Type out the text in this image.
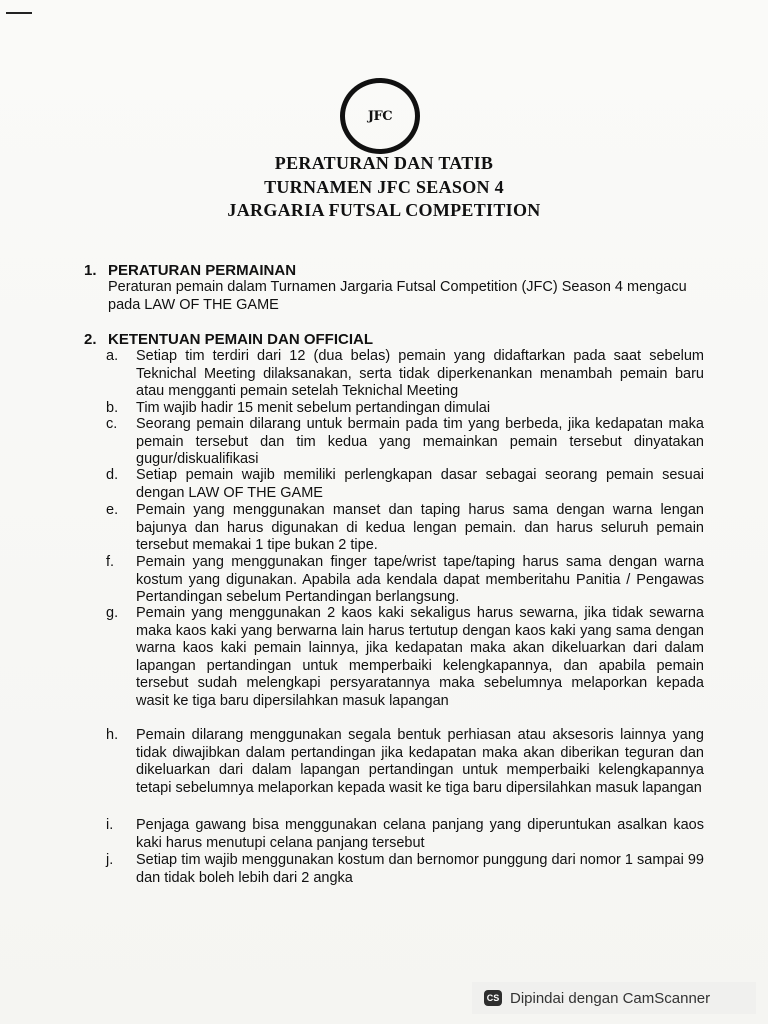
JFC
PERATURAN DAN TATIB
TURNAMEN JFC SEASON 4
JARGARIA FUTSAL COMPETITION
1. PERATURAN PERMAINAN
Peraturan pemain dalam Turnamen Jargaria Futsal Competition (JFC) Season 4 mengacu pada LAW OF THE GAME
2. KETENTUAN PEMAIN DAN OFFICIAL
a. Setiap tim terdiri dari 12 (dua belas) pemain yang didaftarkan pada saat sebelum Teknichal Meeting dilaksanakan, serta tidak diperkenankan menambah pemain baru atau mengganti pemain setelah Teknichal Meeting
b. Tim wajib hadir 15 menit sebelum pertandingan dimulai
c. Seorang pemain dilarang untuk bermain pada tim yang berbeda, jika kedapatan maka pemain tersebut dan tim kedua yang memainkan pemain tersebut dinyatakan gugur/diskualifikasi
d. Setiap pemain wajib memiliki perlengkapan dasar sebagai seorang pemain sesuai dengan LAW OF THE GAME
e. Pemain yang menggunakan manset dan taping harus sama dengan warna lengan bajunya dan harus digunakan di kedua lengan pemain. dan harus seluruh pemain tersebut memakai 1 tipe bukan 2 tipe.
f. Pemain yang menggunakan finger tape/wrist tape/taping harus sama dengan warna kostum yang digunakan. Apabila ada kendala dapat memberitahu Panitia / Pengawas Pertandingan sebelum Pertandingan berlangsung.
g. Pemain yang menggunakan 2 kaos kaki sekaligus harus sewarna, jika tidak sewarna maka kaos kaki yang berwarna lain harus tertutup dengan kaos kaki yang sama dengan warna kaos kaki pemain lainnya, jika kedapatan maka akan dikeluarkan dari dalam lapangan pertandingan untuk memperbaiki kelengkapannya, dan apabila pemain tersebut sudah melengkapi persyaratannya maka sebelumnya melaporkan kepada wasit ke tiga baru dipersilahkan masuk lapangan
h. Pemain dilarang menggunakan segala bentuk perhiasan atau aksesoris lainnya yang tidak diwajibkan dalam pertandingan jika kedapatan maka akan diberikan teguran dan dikeluarkan dari dalam lapangan pertandingan untuk memperbaiki kelengkapannya tetapi sebelumnya melaporkan kepada wasit ke tiga baru dipersilahkan masuk lapangan
i. Penjaga gawang bisa menggunakan celana panjang yang diperuntukan asalkan kaos kaki harus menutupi celana panjang tersebut
j. Setiap tim wajib menggunakan kostum dan bernomor punggung dari nomor 1 sampai 99 dan tidak boleh lebih dari 2 angka
CS Dipindai dengan CamScanner
